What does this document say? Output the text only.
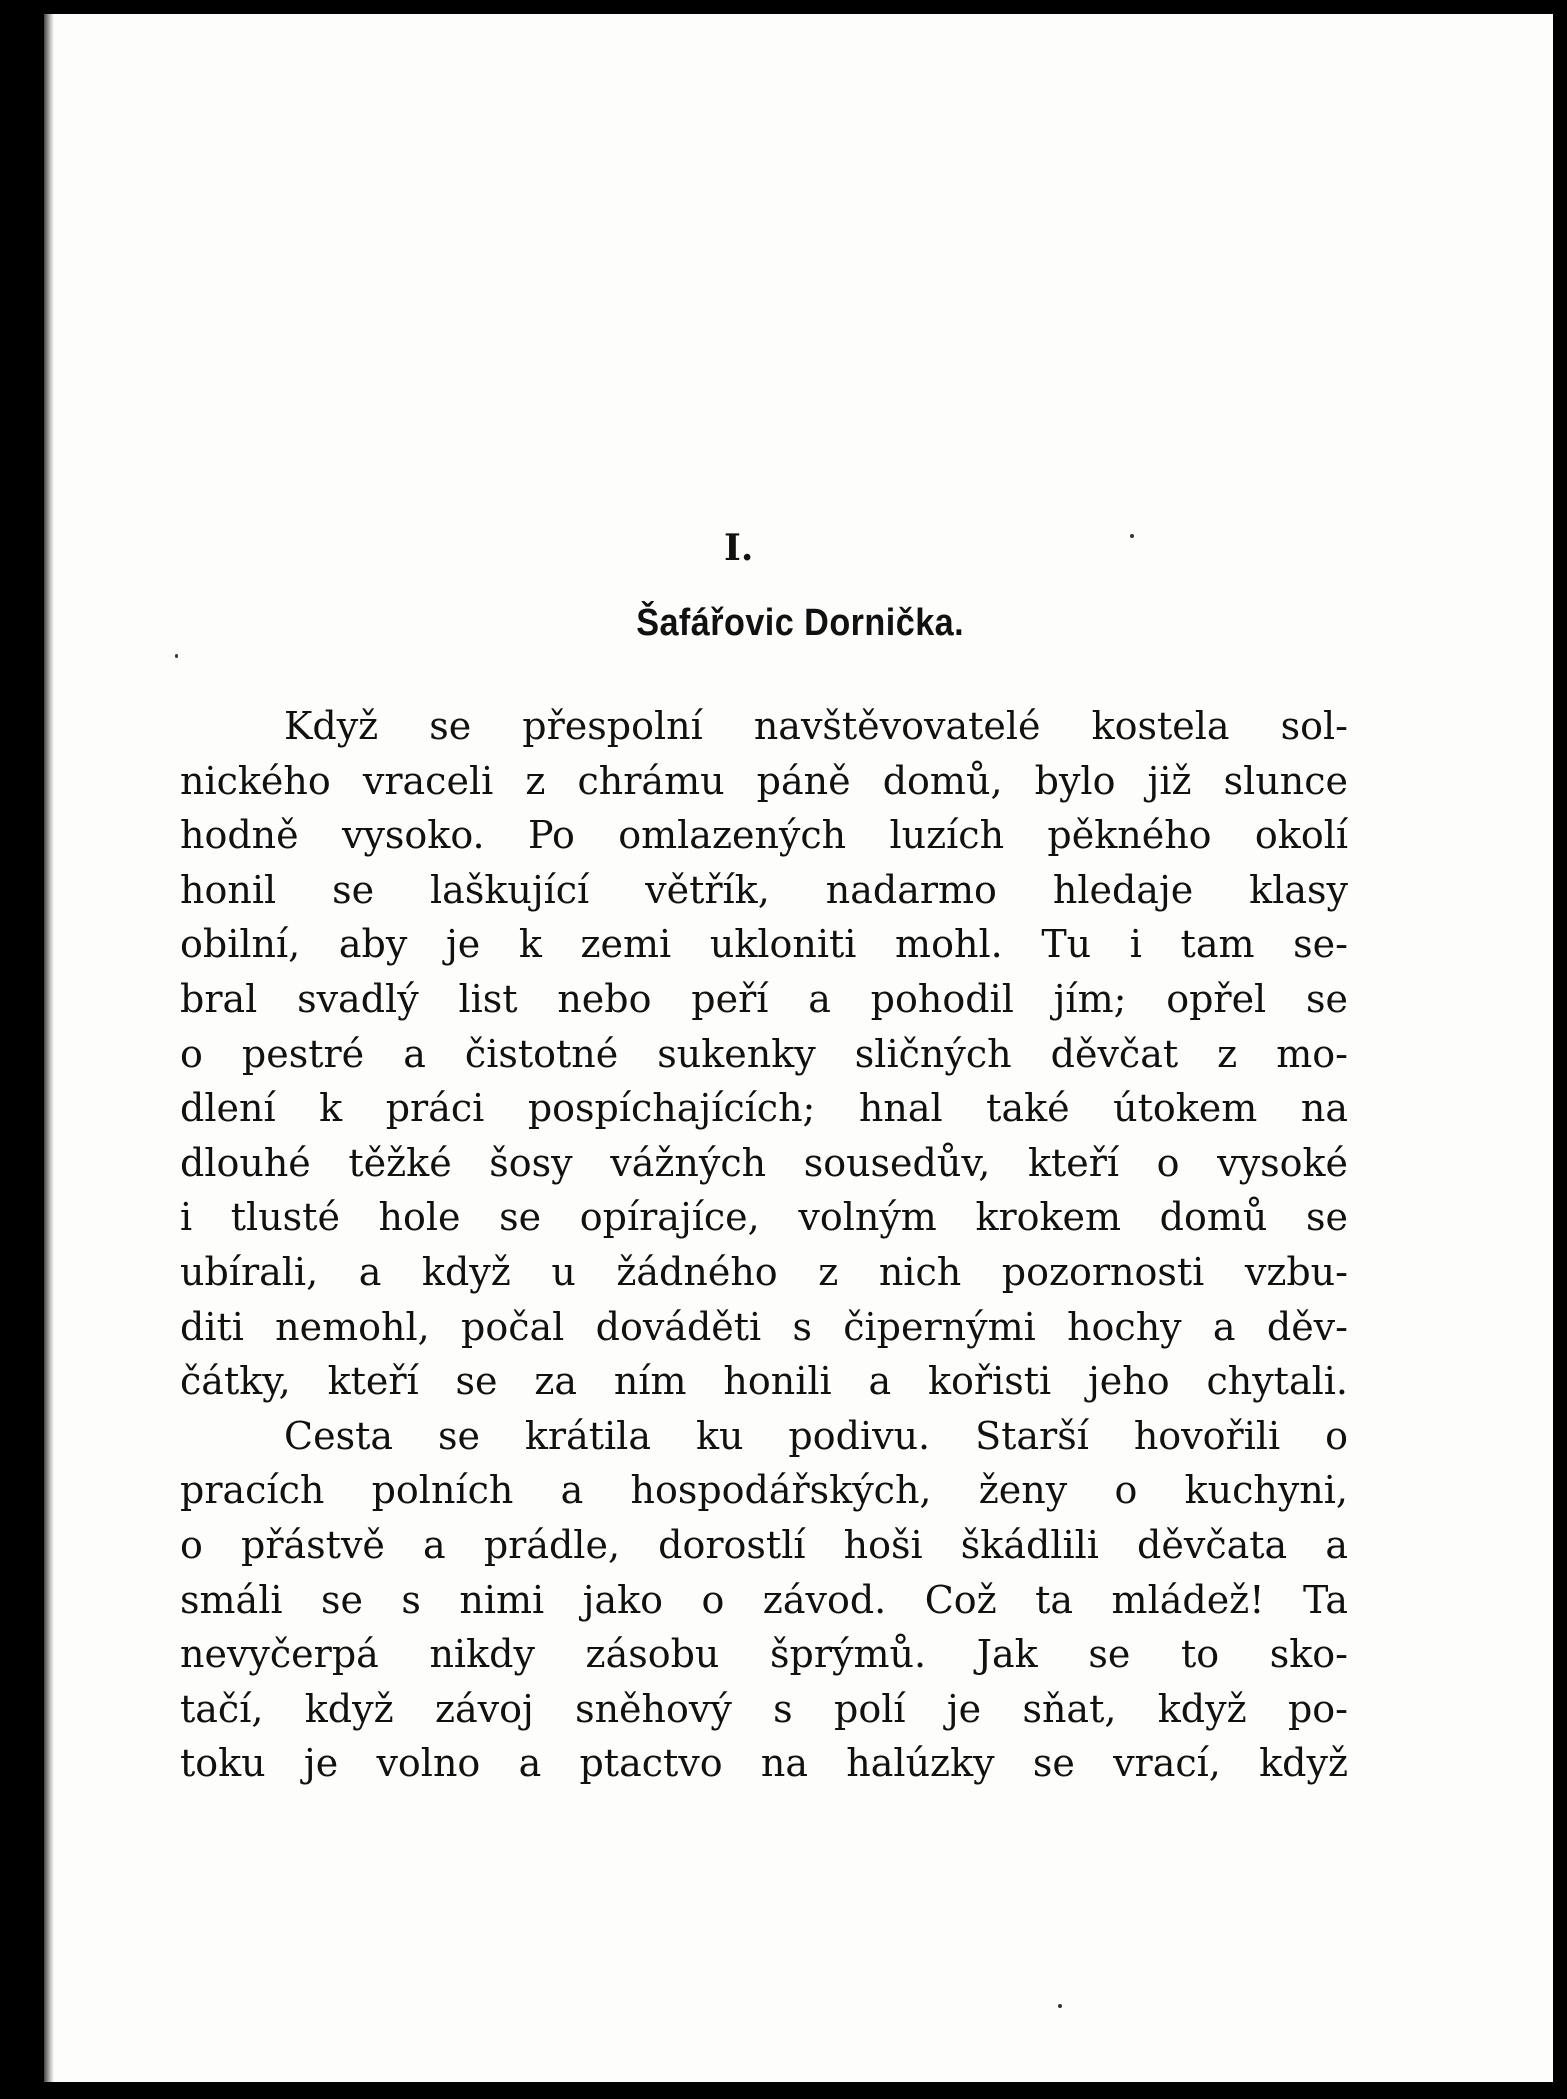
I.
Šafářovic Dornička.
Když se přespolní navštěvovatelé kostela sol-
nického vraceli z chrámu páně domů, bylo již slunce
hodně vysoko. Po omlazených luzích pěkného okolí
honil se laškující větřík, nadarmo hledaje klasy
obilní, aby je k zemi ukloniti mohl. Tu i tam se-
bral svadlý list nebo peří a pohodil jím; opřel se
o pestré a čistotné sukenky sličných děvčat z mo-
dlení k práci pospíchajících; hnal také útokem na
dlouhé těžké šosy vážných sousedův, kteří o vysoké
i tlusté hole se opírajíce, volným krokem domů se
ubírali, a když u žádného z nich pozornosti vzbu-
diti nemohl, počal dováděti s čipernými hochy a děv-
čátky, kteří se za ním honili a kořisti jeho chytali.
Cesta se krátila ku podivu. Starší hovořili o
pracích polních a hospodářských, ženy o kuchyni,
o přástvě a prádle, dorostlí hoši škádlili děvčata a
smáli se s nimi jako o závod. Což ta mládež! Ta
nevyčerpá nikdy zásobu šprýmů. Jak se to sko-
tačí, když závoj sněhový s polí je sňat, když po-
toku je volno a ptactvo na halúzky se vrací, když
